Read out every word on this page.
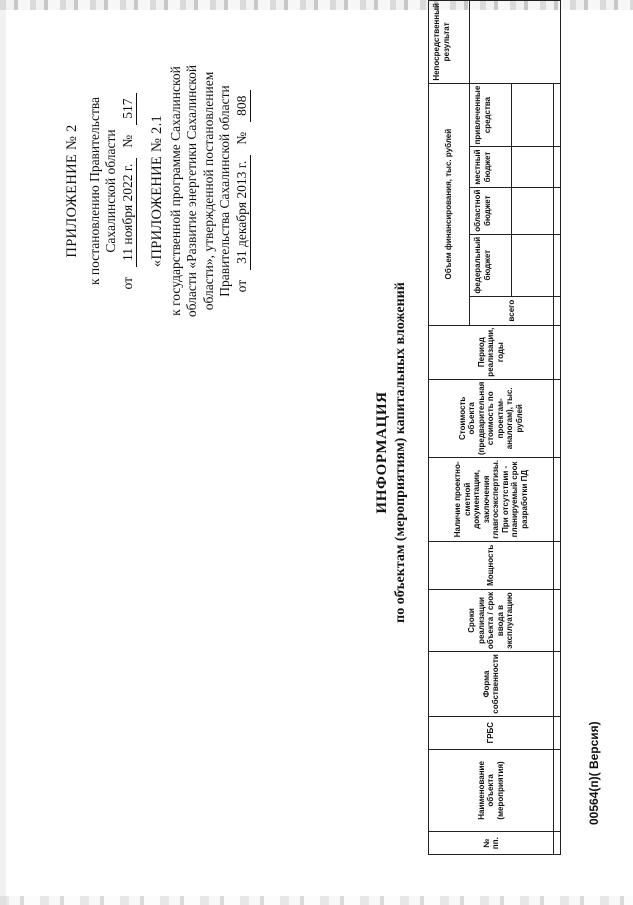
ПРИЛОЖЕНИЕ № 2 к постановлению Правительства Сахалинской области
от
11 ноября 2022 г.
№
517
«ПРИЛОЖЕНИЕ № 2.1 к государственной программе Сахалинской области «Развитие энергетики Сахалинской области», утвержденной постановлением Правительства Сахалинской области от
31 декабря 2013 г.
№
808
ИНФОРМАЦИЯ по объектам (мероприятиям) капитальных вложений
№ пп.	Наименование объекта (мероприятия)	ГРБС	Форма собственности	Сроки реализации объекта / срок ввода в эксплуатацию	Мощность	Наличие проектно-сметной документации, заключения главгосэкспертизы. При отсутствии - планируемый срок разработки ПД	Стоимость объекта (предварительная стоимость по проектам-аналогам), тыс. рублей	Период реализации, годы	Объем финансирования, тыс. рублей					Непосредственный результат
									всего	федеральный бюджет	областной бюджет	местный бюджет	привлеченные средства	

00564(п)( Версия)
